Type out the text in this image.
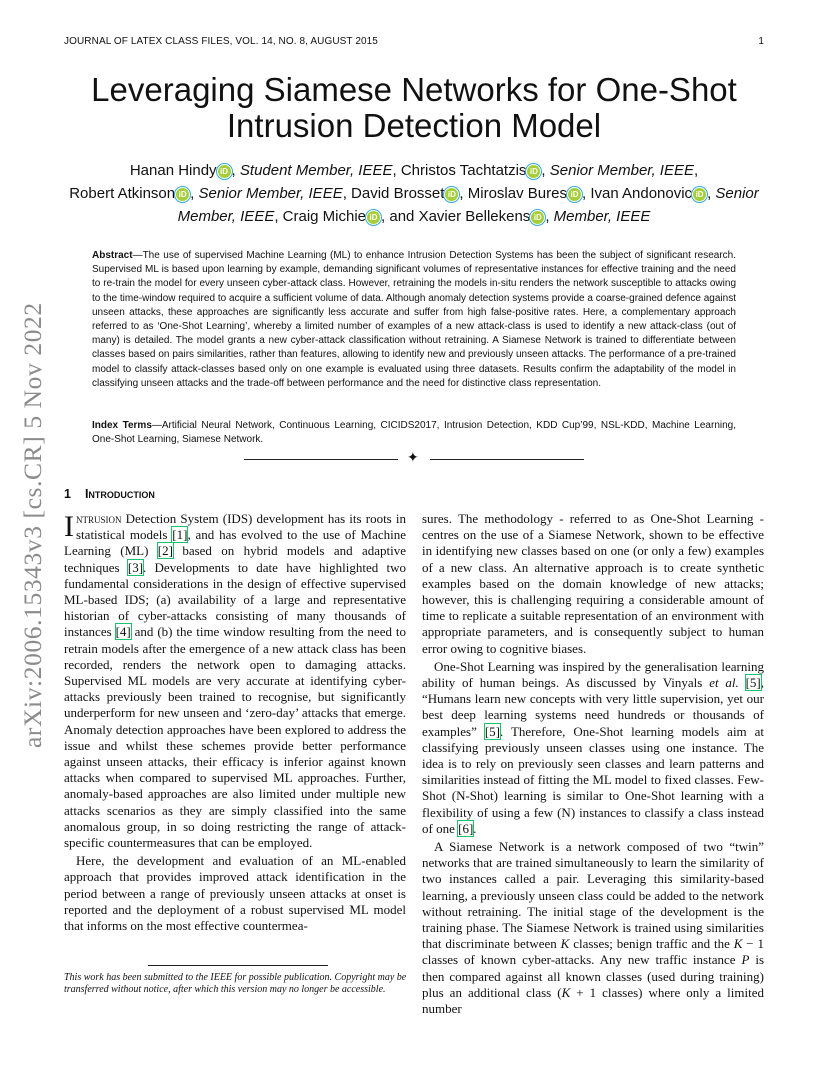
JOURNAL OF LATEX CLASS FILES, VOL. 14, NO. 8, AUGUST 2015	1
arXiv:2006.15343v3 [cs.CR] 5 Nov 2022
Leveraging Siamese Networks for One-Shot Intrusion Detection Model
Hanan Hindy iD , Student Member, IEEE, Christos Tachtatzis iD , Senior Member, IEEE,
Robert Atkinson iD , Senior Member, IEEE, David Brosset iD , Miroslav Bures iD , Ivan Andonovic iD , Senior Member, IEEE, Craig Michie iD , and Xavier Bellekens iD , Member, IEEE
Abstract—The use of supervised Machine Learning (ML) to enhance Intrusion Detection Systems has been the subject of significant research. Supervised ML is based upon learning by example, demanding significant volumes of representative instances for effective training and the need to re-train the model for every unseen cyber-attack class. However, retraining the models in-situ renders the network susceptible to attacks owing to the time-window required to acquire a sufficient volume of data. Although anomaly detection systems provide a coarse-grained defence against unseen attacks, these approaches are significantly less accurate and suffer from high false-positive rates. Here, a complementary approach referred to as ‘One-Shot Learning’, whereby a limited number of examples of a new attack-class is used to identify a new attack-class (out of many) is detailed. The model grants a new cyber-attack classification without retraining. A Siamese Network is trained to differentiate between classes based on pairs similarities, rather than features, allowing to identify new and previously unseen attacks. The performance of a pre-trained model to classify attack-classes based only on one example is evaluated using three datasets. Results confirm the adaptability of the model in classifying unseen attacks and the trade-off between performance and the need for distinctive class representation.
Index Terms—Artificial Neural Network, Continuous Learning, CICIDS2017, Intrusion Detection, KDD Cup’99, NSL-KDD, Machine Learning, One-Shot Learning, Siamese Network.
✦
1 Introduction

Intrusion Detection System (IDS) development has its roots in statistical models [1], and has evolved to the use of Machine Learning (ML) [2] based on hybrid models and adaptive techniques [3]. Developments to date have highlighted two fundamental considerations in the design of effective supervised ML-based IDS; (a) availability of a large and representative historian of cyber-attacks consisting of many thousands of instances [4] and (b) the time window resulting from the need to retrain models after the emergence of a new attack class has been recorded, renders the network open to damaging attacks. Supervised ML models are very accurate at identifying cyber-attacks previously been trained to recognise, but significantly underperform for new unseen and ‘zero-day’ attacks that emerge. Anomaly detection approaches have been explored to address the issue and whilst these schemes provide better performance against unseen attacks, their efficacy is inferior against known attacks when compared to supervised ML approaches. Further, anomaly-based approaches are also limited under multiple new attacks scenarios as they are simply classified into the same anomalous group, in so doing restricting the range of attack-specific countermeasures that can be employed.

Here, the development and evaluation of an ML-enabled approach that provides improved attack identification in the period between a range of previously unseen attacks at onset is reported and the deployment of a robust supervised ML model that informs on the most effective countermea-

sures. The methodology - referred to as One-Shot Learning - centres on the use of a Siamese Network, shown to be effective in identifying new classes based on one (or only a few) examples of a new class. An alternative approach is to create synthetic examples based on the domain knowledge of new attacks; however, this is challenging requiring a considerable amount of time to replicate a suitable representation of an environment with appropriate parameters, and is consequently subject to human error owing to cognitive biases.

One-Shot Learning was inspired by the generalisation learning ability of human beings. As discussed by Vinyals et al. [5], “Humans learn new concepts with very little supervision, yet our best deep learning systems need hundreds or thousands of examples” [5]. Therefore, One-Shot learning models aim at classifying previously unseen classes using one instance. The idea is to rely on previously seen classes and learn patterns and similarities instead of fitting the ML model to fixed classes. Few-Shot (N-Shot) learning is similar to One-Shot learning with a flexibility of using a few (N) instances to classify a class instead of one [6].

A Siamese Network is a network composed of two “twin” networks that are trained simultaneously to learn the similarity of two instances called a pair. Leveraging this similarity-based learning, a previously unseen class could be added to the network without retraining. The initial stage of the development is the training phase. The Siamese Network is trained using similarities that discriminate between K classes; benign traffic and the K − 1 classes of known cyber-attacks. Any new traffic instance P is then compared against all known classes (used during training) plus an additional class (K + 1 classes) where only a limited number

This work has been submitted to the IEEE for possible publication. Copyright may be transferred without notice, after which this version may no longer be accessible.
